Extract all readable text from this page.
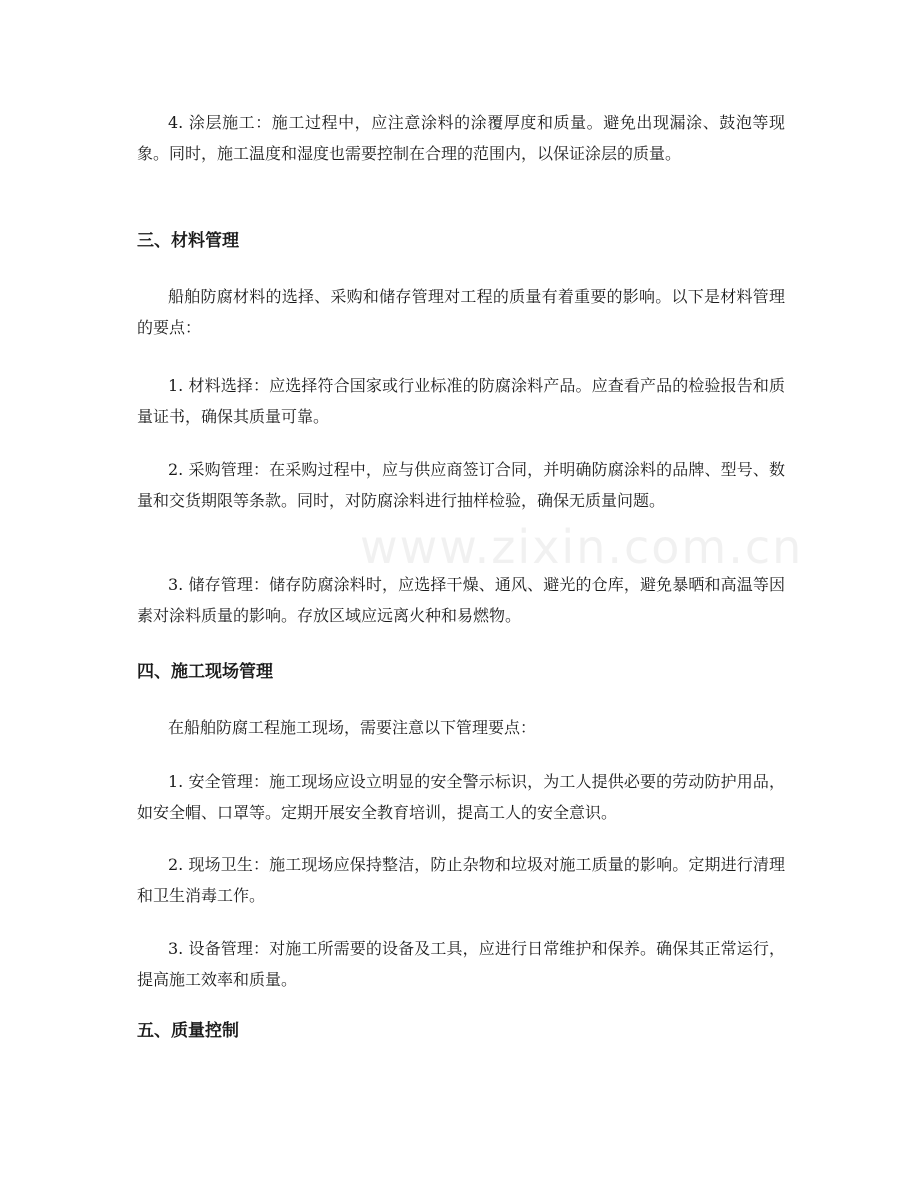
4. 涂层施工：施工过程中，应注意涂料的涂覆厚度和质量。避免出现漏涂、鼓泡等现象。同时，施工温度和湿度也需要控制在合理的范围内，以保证涂层的质量。

三、材料管理

船舶防腐材料的选择、采购和储存管理对工程的质量有着重要的影响。以下是材料管理的要点：

1. 材料选择：应选择符合国家或行业标准的防腐涂料产品。应查看产品的检验报告和质量证书，确保其质量可靠。

2. 采购管理：在采购过程中，应与供应商签订合同，并明确防腐涂料的品牌、型号、数量和交货期限等条款。同时，对防腐涂料进行抽样检验，确保无质量问题。

3. 储存管理：储存防腐涂料时，应选择干燥、通风、避光的仓库，避免暴晒和高温等因素对涂料质量的影响。存放区域应远离火种和易燃物。

四、施工现场管理

在船舶防腐工程施工现场，需要注意以下管理要点：

1. 安全管理：施工现场应设立明显的安全警示标识，为工人提供必要的劳动防护用品，如安全帽、口罩等。定期开展安全教育培训，提高工人的安全意识。

2. 现场卫生：施工现场应保持整洁，防止杂物和垃圾对施工质量的影响。定期进行清理和卫生消毒工作。

3. 设备管理：对施工所需要的设备及工具，应进行日常维护和保养。确保其正常运行，提高施工效率和质量。

五、质量控制
www.zixin.com.cn
